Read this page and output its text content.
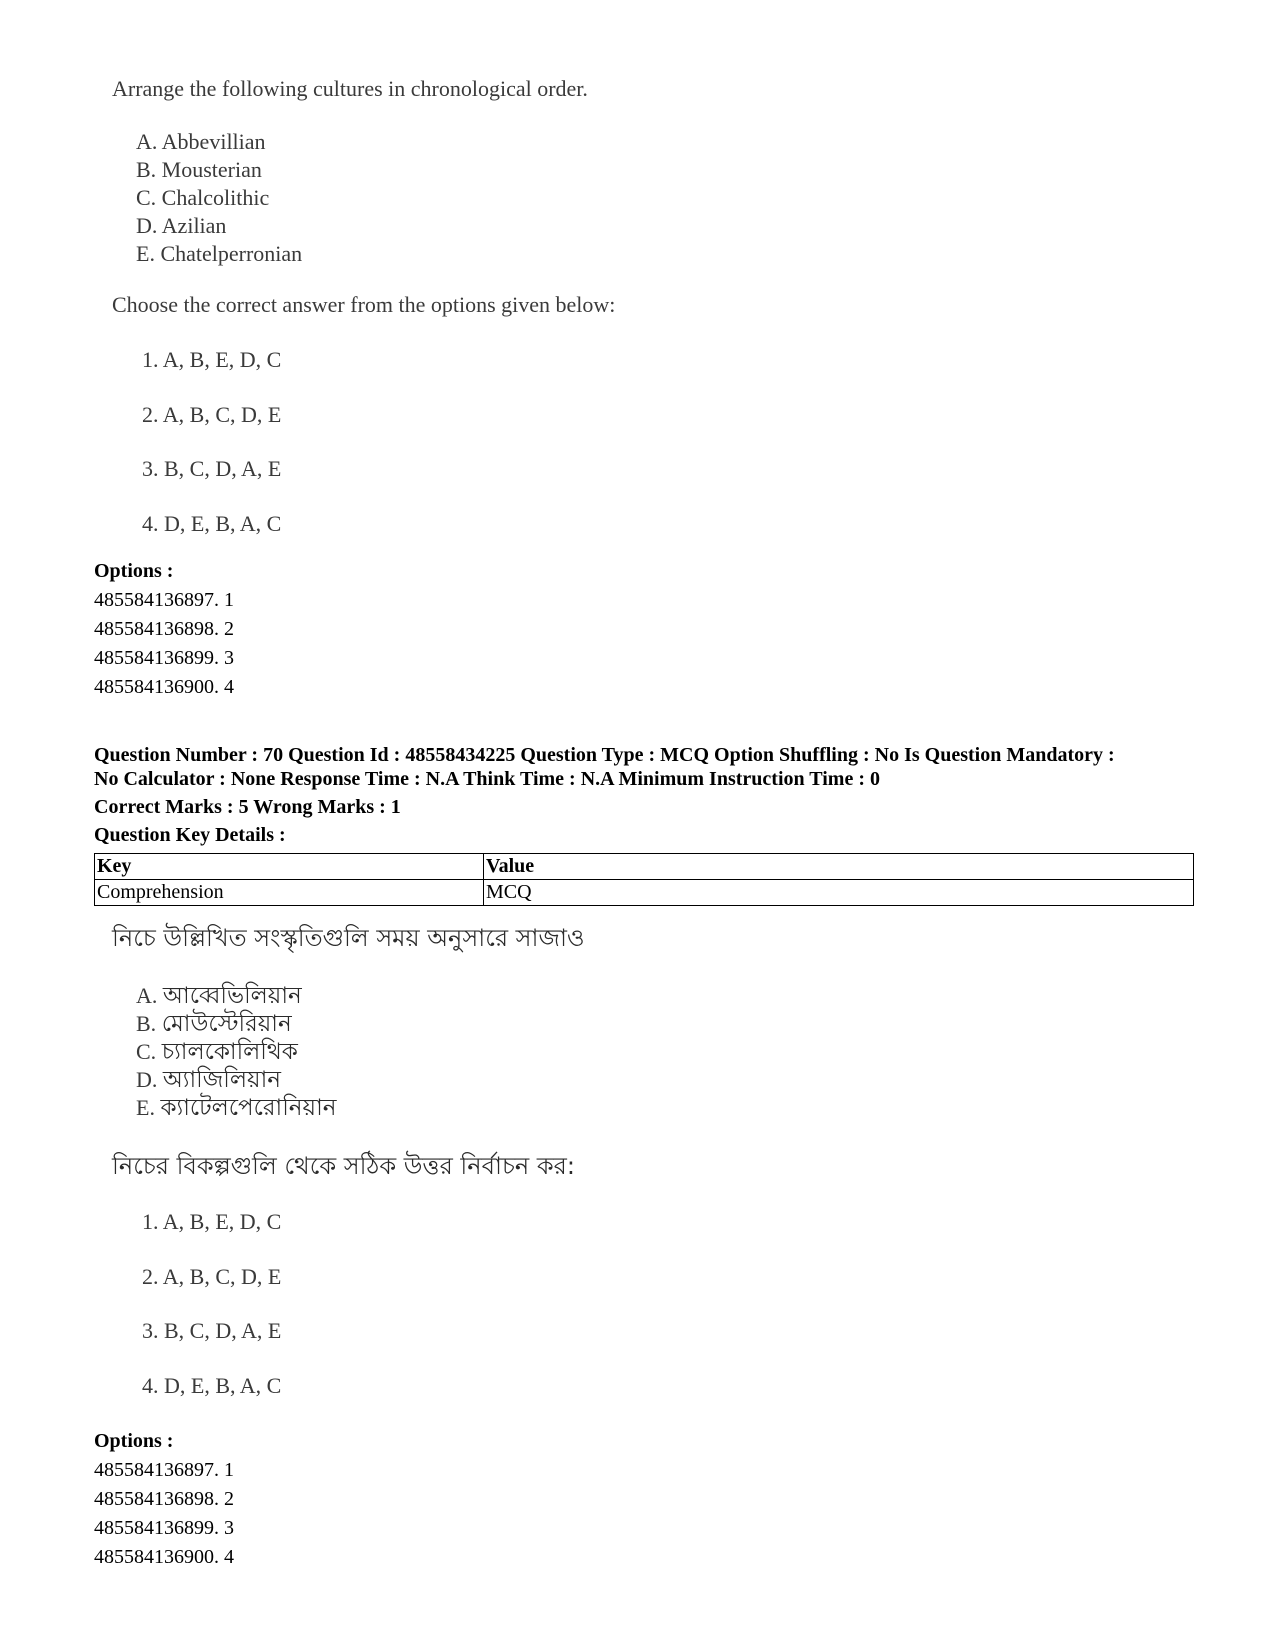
Arrange the following cultures in chronological order.
A. Abbevillian
B. Mousterian
C. Chalcolithic
D. Azilian
E. Chatelperronian
Choose the correct answer from the options given below:
1. A, B, E, D, C
2. A, B, C, D, E
3. B, C, D, A, E
4. D, E, B, A, C
Options :
485584136897. 1
485584136898. 2
485584136899. 3
485584136900. 4
Question Number : 70 Question Id : 48558434225 Question Type : MCQ Option Shuffling : No Is Question Mandatory :
No Calculator : None Response Time : N.A Think Time : N.A Minimum Instruction Time : 0
Correct Marks : 5 Wrong Marks : 1
Question Key Details :
Key	Value
Comprehension	MCQ
নিচে উল্লিখিত সংস্কৃতিগুলি সময় অনুসারে সাজাও
A. আব্বেভিলিয়ান
B. মোউস্টেরিয়ান
C. চ্যালকোলিথিক
D. অ্যাজিলিয়ান
E. ক্যাটেলপেরোনিয়ান
নিচের বিকল্পগুলি থেকে সঠিক উত্তর নির্বাচন কর:
1. A, B, E, D, C
2. A, B, C, D, E
3. B, C, D, A, E
4. D, E, B, A, C
Options :
485584136897. 1
485584136898. 2
485584136899. 3
485584136900. 4
